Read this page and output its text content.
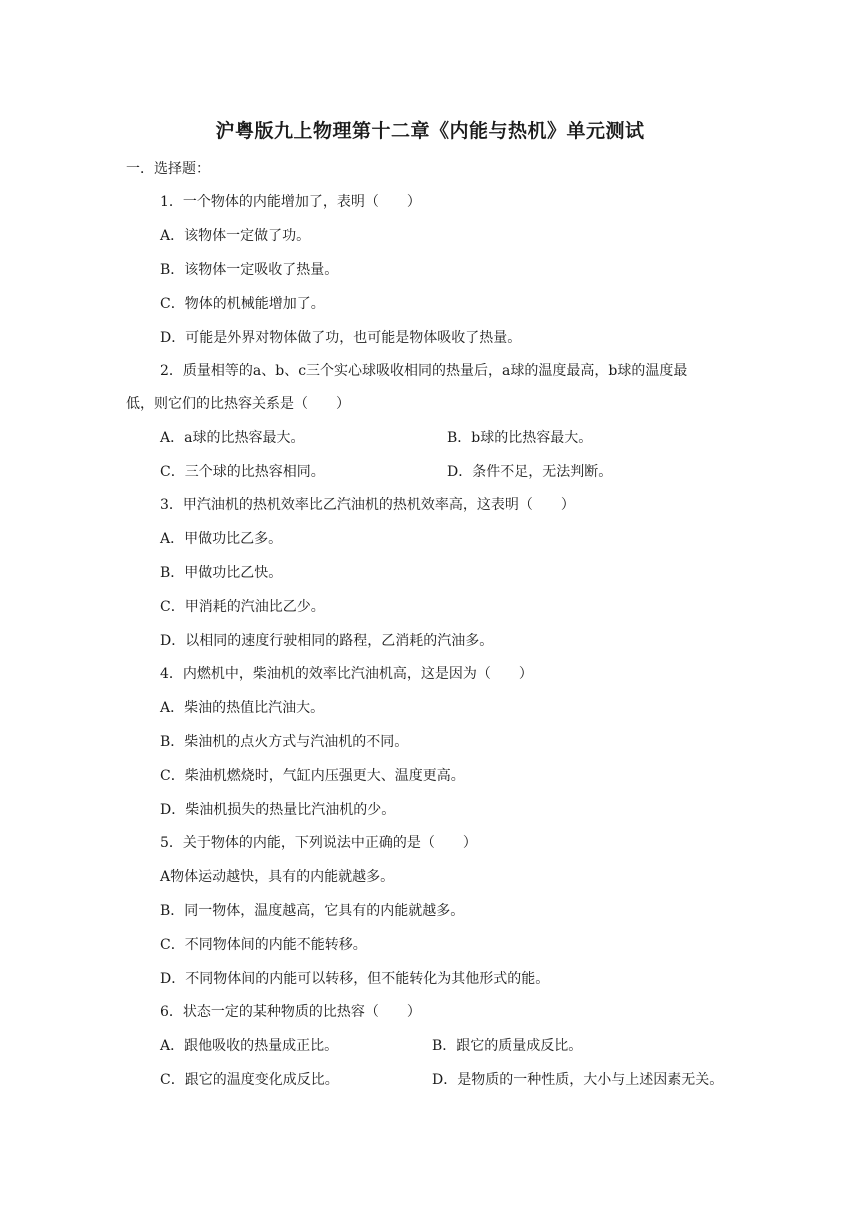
沪粤版九上物理第十二章《内能与热机》单元测试
一．选择题：
1．一个物体的内能增加了，表明（　　）
A．该物体一定做了功。
B．该物体一定吸收了热量。
C．物体的机械能增加了。
D．可能是外界对物体做了功，也可能是物体吸收了热量。
2．质量相等的a、b、c三个实心球吸收相同的热量后，a球的温度最高，b球的温度最
低，则它们的比热容关系是（　　）
A．a球的比热容最大。	B．b球的比热容最大。
C．三个球的比热容相同。	D．条件不足，无法判断。
3．甲汽油机的热机效率比乙汽油机的热机效率高，这表明（　　）
A．甲做功比乙多。
B．甲做功比乙快。
C．甲消耗的汽油比乙少。
D．以相同的速度行驶相同的路程，乙消耗的汽油多。
4．内燃机中，柴油机的效率比汽油机高，这是因为（　　）
A．柴油的热值比汽油大。
B．柴油机的点火方式与汽油机的不同。
C．柴油机燃烧时，气缸内压强更大、温度更高。
D．柴油机损失的热量比汽油机的少。
5．关于物体的内能，下列说法中正确的是（　　）
A物体运动越快，具有的内能就越多。
B．同一物体，温度越高，它具有的内能就越多。
C．不同物体间的内能不能转移。
D．不同物体间的内能可以转移，但不能转化为其他形式的能。
6．状态一定的某种物质的比热容（　　）
A．跟他吸收的热量成正比。	B．跟它的质量成反比。
C．跟它的温度变化成反比。	D．是物质的一种性质，大小与上述因素无关。
